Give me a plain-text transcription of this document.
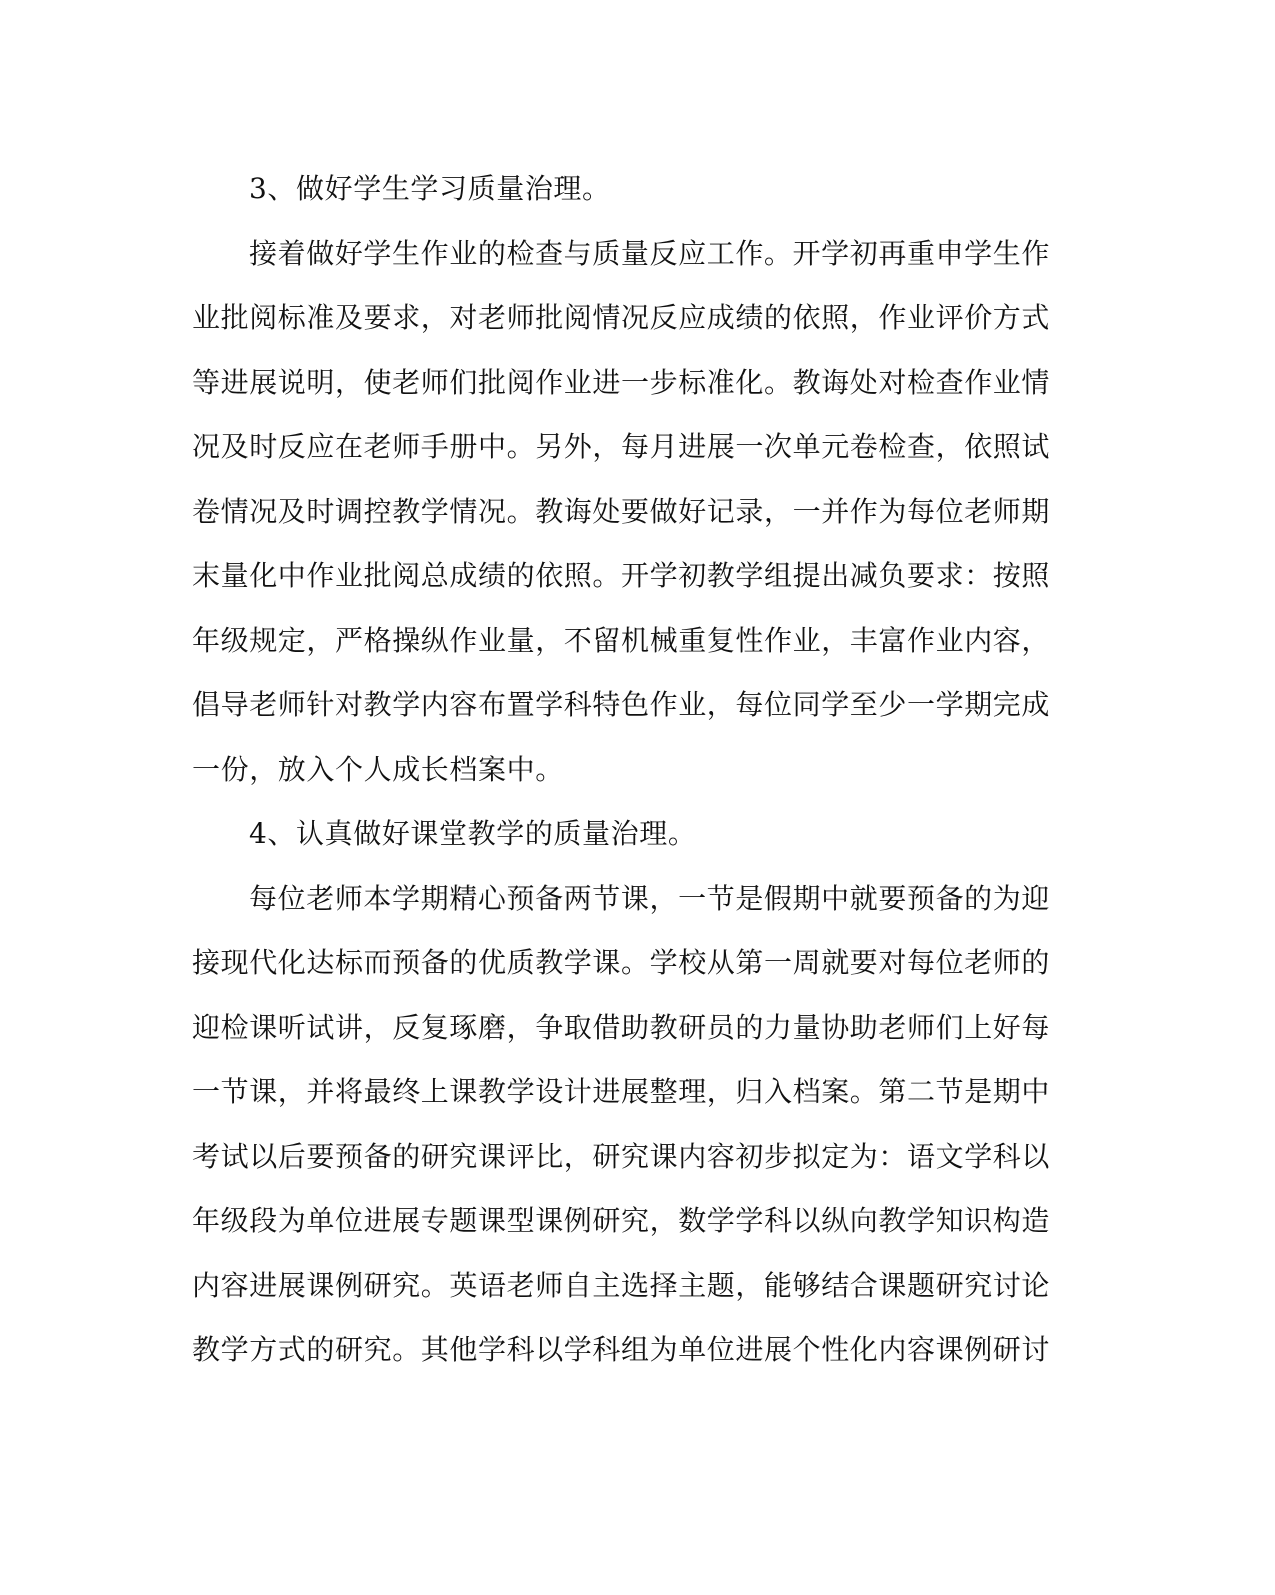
3、做好学生学习质量治理。

接着做好学生作业的检查与质量反应工作。开学初再重申学生作业批阅标准及要求，对老师批阅情况反应成绩的依照，作业评价方式等进展说明，使老师们批阅作业进一步标准化。教诲处对检查作业情况及时反应在老师手册中。另外，每月进展一次单元卷检查，依照试卷情况及时调控教学情况。教诲处要做好记录，一并作为每位老师期末量化中作业批阅总成绩的依照。开学初教学组提出减负要求：按照年级规定，严格操纵作业量，不留机械重复性作业，丰富作业内容，倡导老师针对教学内容布置学科特色作业，每位同学至少一学期完成一份，放入个人成长档案中。

4、认真做好课堂教学的质量治理。

每位老师本学期精心预备两节课，一节是假期中就要预备的为迎接现代化达标而预备的优质教学课。学校从第一周就要对每位老师的迎检课听试讲，反复琢磨，争取借助教研员的力量协助老师们上好每一节课，并将最终上课教学设计进展整理，归入档案。第二节是期中考试以后要预备的研究课评比，研究课内容初步拟定为：语文学科以年级段为单位进展专题课型课例研究，数学学科以纵向教学知识构造内容进展课例研究。英语老师自主选择主题，能够结合课题研究讨论教学方式的研究。其他学科以学科组为单位进展个性化内容课例研讨
